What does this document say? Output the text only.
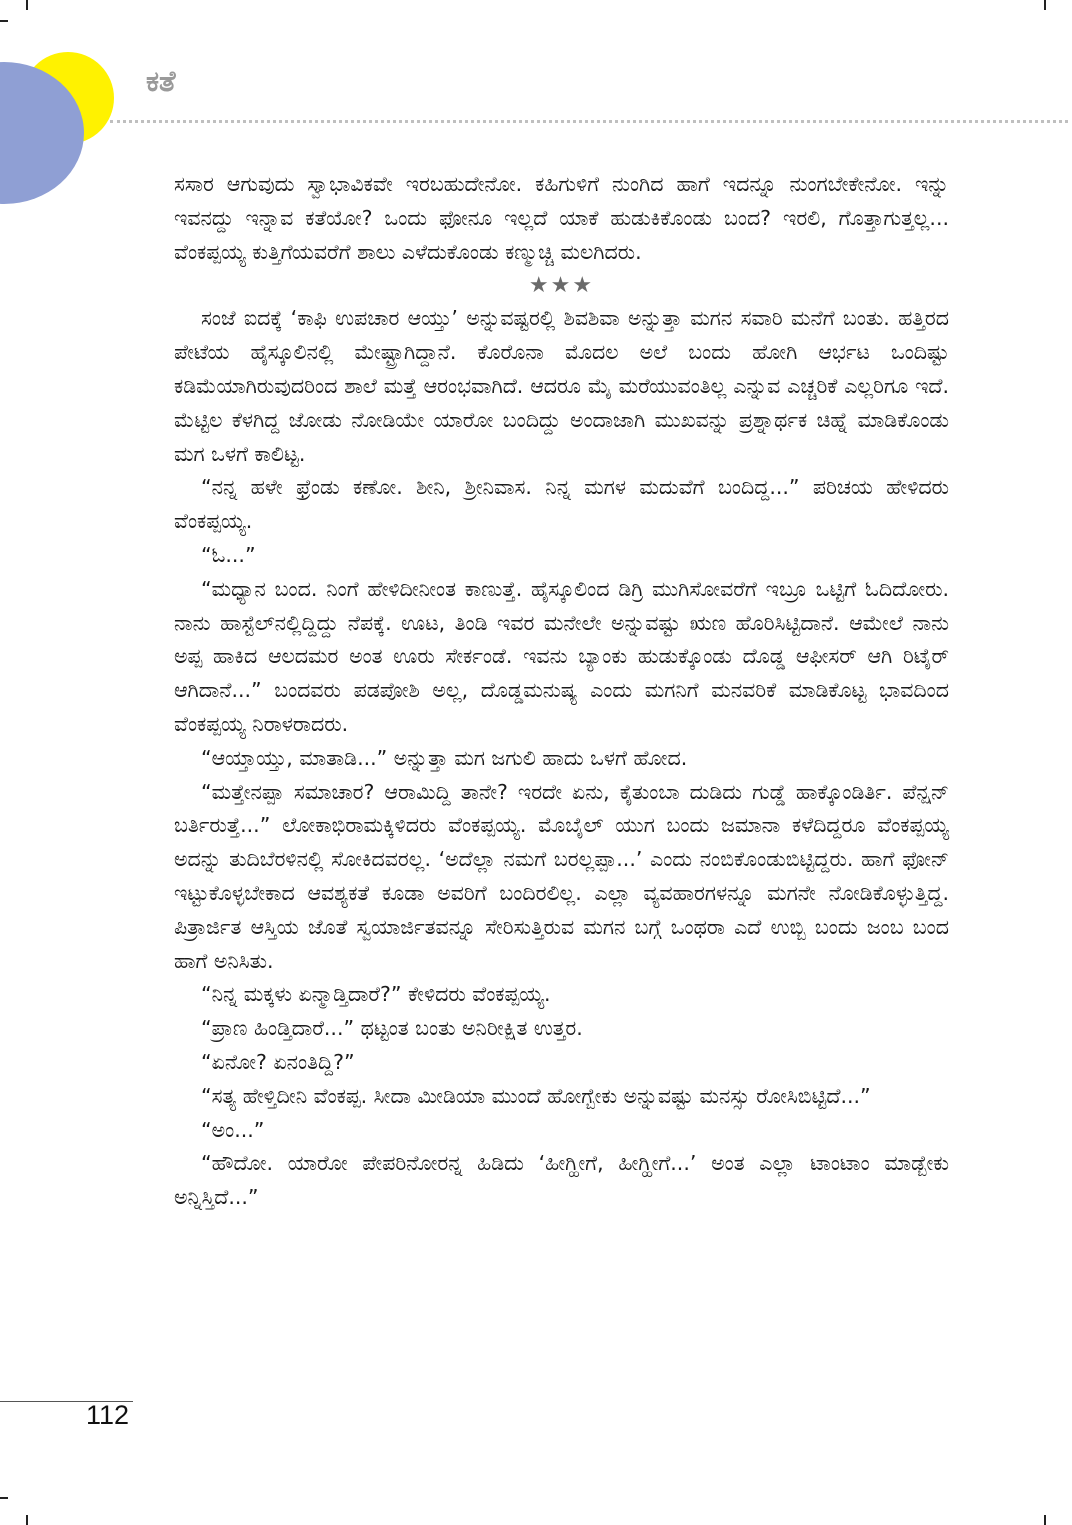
ಕತೆ

ಸಸಾರ ಆಗುವುದು ಸ್ವಾಭಾವಿಕವೇ ಇರಬಹುದೇನೋ. ಕಹಿಗುಳಿಗೆ ನುಂಗಿದ ಹಾಗೆ ಇದನ್ನೂ ನುಂಗಬೇಕೇನೋ. ಇನ್ನು ಇವನದ್ದು ಇನ್ನಾವ ಕತೆಯೋ? ಒಂದು ಫೋನೂ ಇಲ್ಲದೆ ಯಾಕೆ ಹುಡುಕಿಕೊಂಡು ಬಂದ? ಇರಲಿ, ಗೊತ್ತಾಗುತ್ತಲ್ಲ... ವೆಂಕಪ್ಪಯ್ಯ ಕುತ್ತಿಗೆಯವರೆಗೆ ಶಾಲು ಎಳೆದುಕೊಂಡು ಕಣ್ಮುಚ್ಚಿ ಮಲಗಿದರು.

★★★

ಸಂಜೆ ಐದಕ್ಕೆ ‘ಕಾಫಿ ಉಪಚಾರ ಆಯ್ತು’ ಅನ್ನುವಷ್ಟರಲ್ಲಿ ಶಿವಶಿವಾ ಅನ್ನುತ್ತಾ ಮಗನ ಸವಾರಿ ಮನೆಗೆ ಬಂತು. ಹತ್ತಿರದ ಪೇಟೆಯ ಹೈಸ್ಕೂಲಿನಲ್ಲಿ ಮೇಷ್ಟ್ರಾಗಿದ್ದಾನೆ. ಕೊರೊನಾ ಮೊದಲ ಅಲೆ ಬಂದು ಹೋಗಿ ಆರ್ಭಟ ಒಂದಿಷ್ಟು ಕಡಿಮೆಯಾಗಿರುವುದರಿಂದ ಶಾಲೆ ಮತ್ತೆ ಆರಂಭವಾಗಿದೆ. ಆದರೂ ಮೈ ಮರೆಯುವಂತಿಲ್ಲ ಎನ್ನುವ ಎಚ್ಚರಿಕೆ ಎಲ್ಲರಿಗೂ ಇದೆ. ಮೆಟ್ಟಿಲ ಕೆಳಗಿದ್ದ ಜೋಡು ನೋಡಿಯೇ ಯಾರೋ ಬಂದಿದ್ದು ಅಂದಾಜಾಗಿ ಮುಖವನ್ನು ಪ್ರಶ್ನಾರ್ಥಕ ಚಿಹ್ನೆ ಮಾಡಿಕೊಂಡು ಮಗ ಒಳಗೆ ಕಾಲಿಟ್ಟ.

“ನನ್ನ ಹಳೇ ಫ್ರೆಂಡು ಕಣೋ. ಶೀನಿ, ಶ್ರೀನಿವಾಸ. ನಿನ್ನ ಮಗಳ ಮದುವೆಗೆ ಬಂದಿದ್ದ...” ಪರಿಚಯ ಹೇಳಿದರು ವೆಂಕಪ್ಪಯ್ಯ.

“ಓ...”

“ಮಧ್ಯಾನ ಬಂದ. ನಿಂಗೆ ಹೇಳಿದೀನೀಂತ ಕಾಣುತ್ತೆ. ಹೈಸ್ಕೂಲಿಂದ ಡಿಗ್ರಿ ಮುಗಿಸೋವರೆಗೆ ಇಬ್ರೂ ಒಟ್ಟಿಗೆ ಓದಿದೋರು. ನಾನು ಹಾಸ್ಟೆಲ್‌ನಲ್ಲಿದ್ದಿದ್ದು ನೆಪಕ್ಕೆ. ಊಟ, ತಿಂಡಿ ಇವರ ಮನೇಲೇ ಅನ್ನುವಷ್ಟು ಋಣ ಹೊರಿಸಿಟ್ಟಿದಾನೆ. ಆಮೇಲೆ ನಾನು ಅಪ್ಪ ಹಾಕಿದ ಆಲದಮರ ಅಂತ ಊರು ಸೇರ್ಕಂಡೆ. ಇವನು ಬ್ಯಾಂಕು ಹುಡುಕ್ಕೊಂಡು ದೊಡ್ಡ ಆಫೀಸರ್ ಆಗಿ ರಿಟೈರ್ ಆಗಿದಾನೆ...” ಬಂದವರು ಪಡಪೋಶಿ ಅಲ್ಲ, ದೊಡ್ಡಮನುಷ್ಯ ಎಂದು ಮಗನಿಗೆ ಮನವರಿಕೆ ಮಾಡಿಕೊಟ್ಟ ಭಾವದಿಂದ ವೆಂಕಪ್ಪಯ್ಯ ನಿರಾಳರಾದರು.

“ಆಯ್ತಾಯ್ತು, ಮಾತಾಡಿ...” ಅನ್ನುತ್ತಾ ಮಗ ಜಗುಲಿ ಹಾದು ಒಳಗೆ ಹೋದ.

“ಮತ್ತೇನಪ್ಪಾ ಸಮಾಚಾರ? ಆರಾಮಿದ್ದಿ ತಾನೇ? ಇರದೇ ಏನು, ಕೈತುಂಬಾ ದುಡಿದು ಗುಡ್ಡೆ ಹಾಕ್ಕೊಂಡಿರ್ತಿ. ಪೆನ್ಷನ್ ಬರ್ತಿರುತ್ತೆ...” ಲೋಕಾಭಿರಾಮಕ್ಕಿಳಿದರು ವೆಂಕಪ್ಪಯ್ಯ. ಮೊಬೈಲ್ ಯುಗ ಬಂದು ಜಮಾನಾ ಕಳೆದಿದ್ದರೂ ವೆಂಕಪ್ಪಯ್ಯ ಅದನ್ನು ತುದಿಬೆರಳಿನಲ್ಲಿ ಸೋಕಿದವರಲ್ಲ. ‘ಅದೆಲ್ಲಾ ನಮಗೆ ಬರಲ್ಲಪ್ಪಾ...’ ಎಂದು ನಂಬಿಕೊಂಡುಬಿಟ್ಟಿದ್ದರು. ಹಾಗೆ ಫೋನ್ ಇಟ್ಟುಕೊಳ್ಳಬೇಕಾದ ಆವಶ್ಯಕತೆ ಕೂಡಾ ಅವರಿಗೆ ಬಂದಿರಲಿಲ್ಲ. ಎಲ್ಲಾ ವ್ಯವಹಾರಗಳನ್ನೂ ಮಗನೇ ನೋಡಿಕೊಳ್ಳುತ್ತಿದ್ದ. ಪಿತ್ರಾರ್ಜಿತ ಆಸ್ತಿಯ ಜೊತೆ ಸ್ವಯಾರ್ಜಿತವನ್ನೂ ಸೇರಿಸುತ್ತಿರುವ ಮಗನ ಬಗ್ಗೆ ಒಂಥರಾ ಎದೆ ಉಬ್ಬಿ ಬಂದು ಜಂಬ ಬಂದ ಹಾಗೆ ಅನಿಸಿತು.

“ನಿನ್ನ ಮಕ್ಕಳು ಏನ್ಮಾಡ್ತಿದಾರೆ?” ಕೇಳಿದರು ವೆಂಕಪ್ಪಯ್ಯ.

“ಪ್ರಾಣ ಹಿಂಡ್ತಿದಾರೆ...” ಥಟ್ಟಂತ ಬಂತು ಅನಿರೀಕ್ಷಿತ ಉತ್ತರ.

“ಏನೋ? ಏನಂತಿದ್ದಿ?”

“ಸತ್ಯ ಹೇಳ್ತಿದೀನಿ ವೆಂಕಪ್ಪ. ಸೀದಾ ಮೀಡಿಯಾ ಮುಂದೆ ಹೋಗ್ಬೇಕು ಅನ್ನುವಷ್ಟು ಮನಸ್ಸು ರೋಸಿಬಿಟ್ಟಿದೆ...”

“ಅಂ...”

“ಹೌದೋ. ಯಾರೋ ಪೇಪರಿನೋರನ್ನ ಹಿಡಿದು ‘ಹೀಗ್ಹೀಗೆ, ಹೀಗ್ಹೀಗೆ...’ ಅಂತ ಎಲ್ಲಾ ಟಾಂಟಾಂ ಮಾಡ್ಬೇಕು ಅನ್ನಿಸ್ತಿದೆ...”

112
